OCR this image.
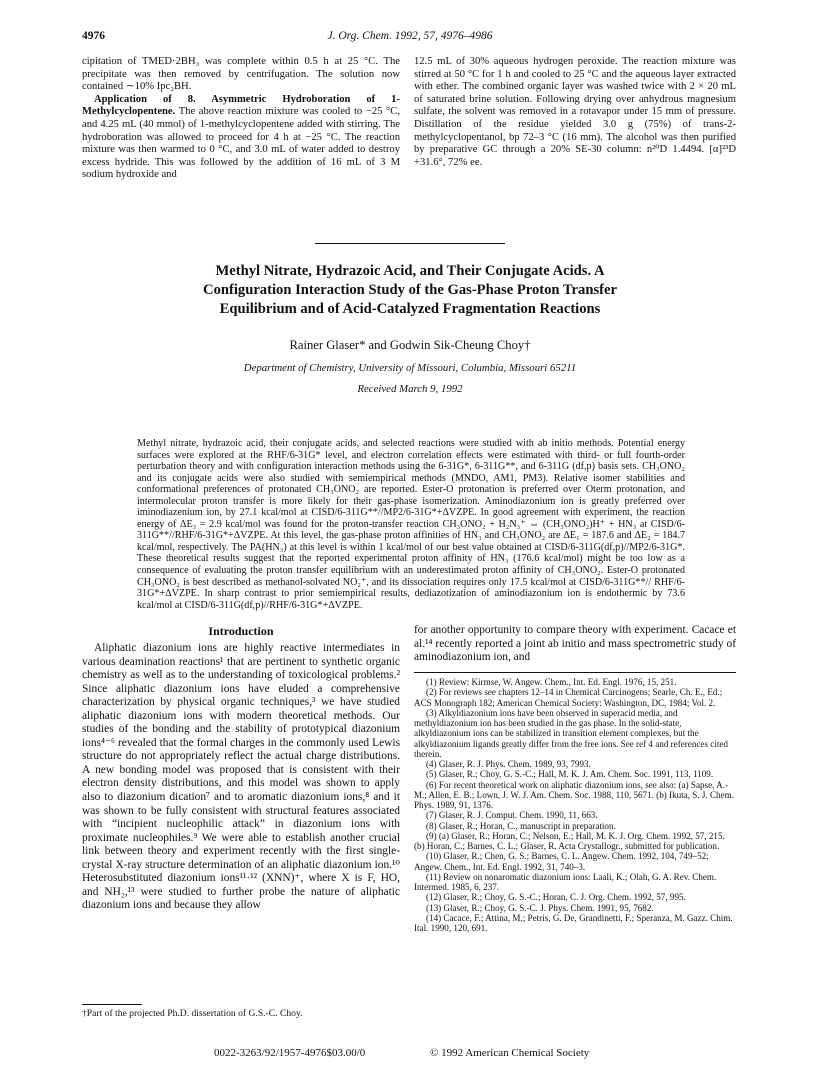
4976	J. Org. Chem. 1992, 57, 4976–4986

cipitation of TMED·2BH₃ was complete within 0.5 h at 25 °C. The precipitate was then removed by centrifugation. The solution now contained ∼10% Ipc₂BH.

Application of 8. Asymmetric Hydroboration of 1-Methylcyclopentene. The above reaction mixture was cooled to −25 °C, and 4.25 mL (40 mmol) of 1-methylcyclopentene added with stirring. The hydroboration was allowed to proceed for 4 h at −25 °C. The reaction mixture was then warmed to 0 °C, and 3.0 mL of water added to destroy excess hydride. This was followed by the addition of 16 mL of 3 M sodium hydroxide and

12.5 mL of 30% aqueous hydrogen peroxide. The reaction mixture was stirred at 50 °C for 1 h and cooled to 25 °C and the aqueous layer extracted with ether. The combined organic layer was washed twice with 2 × 20 mL of saturated brine solution. Following drying over anhydrous magnesium sulfate, the solvent was removed in a rotavapor under 15 mm of pressure. Distillation of the residue yielded 3.0 g (75%) of trans-2-methylcyclopentanol, bp 72–3 °C (16 mm). The alcohol was then purified by preparative GC through a 20% SE-30 column: n²⁰D 1.4494. [α]²³D +31.6°, 72% ee.

Methyl Nitrate, Hydrazoic Acid, and Their Conjugate Acids. A
Configuration Interaction Study of the Gas-Phase Proton Transfer
Equilibrium and of Acid-Catalyzed Fragmentation Reactions
Rainer Glaser* and Godwin Sik-Cheung Choy†
Department of Chemistry, University of Missouri, Columbia, Missouri 65211
Received March 9, 1992
Methyl nitrate, hydrazoic acid, their conjugate acids, and selected reactions were studied with ab initio methods. Potential energy surfaces were explored at the RHF/6-31G* level, and electron correlation effects were estimated with third- or full fourth-order perturbation theory and with configuration interaction methods using the 6-31G*, 6-311G**, and 6-311G (df,p) basis sets. CH₃ONO₂ and its conjugate acids were also studied with semiempirical methods (MNDO, AM1, PM3). Relative isomer stabilities and conformational preferences of protonated CH₃ONO₂ are reported. Ester-O protonation is preferred over Oterm protonation, and intermolecular proton transfer is more likely for their gas-phase isomerization. Aminodiazonium ion is greatly preferred over iminodiazenium ion, by 27.1 kcal/mol at CISD/6-311G**//MP2/6-31G*+ΔVZPE. In good agreement with experiment, the reaction energy of ΔE₃ = 2.9 kcal/mol was found for the proton-transfer reaction CH₃ONO₂ + H₂N₃⁺ ⇔ (CH₃ONO₂)H⁺ + HN₃ at CISD/6-311G**//RHF/6-31G*+ΔVZPE. At this level, the gas-phase proton affinities of HN₃ and CH₃ONO₂ are ΔE₁ = 187.6 and ΔE₂ = 184.7 kcal/mol, respectively. The PA(HN₃) at this level is within 1 kcal/mol of our best value obtained at CISD/6-311G(df,p)//MP2/6-31G*. These theoretical results suggest that the reported experimental proton affinity of HN₃ (176.6 kcal/mol) might be too low as a consequence of evaluating the proton transfer equilibrium with an underestimated proton affinity of CH₃ONO₂. Ester-O protonated CH₃ONO₂ is best described as methanol-solvated NO₂⁺, and its dissociation requires only 17.5 kcal/mol at CISD/6-311G**// RHF/6-31G*+ΔVZPE. In sharp contrast to prior semiempirical results, dediazotization of aminodiazonium ion is endothermic by 73.6 kcal/mol at CISD/6-311G(df,p)//RHF/6-31G*+ΔVZPE.
Introduction
Aliphatic diazonium ions are highly reactive intermediates in various deamination reactions¹ that are pertinent to synthetic organic chemistry as well as to the understanding of toxicological problems.² Since aliphatic diazonium ions have eluded a comprehensive characterization by physical organic techniques,³ we have studied aliphatic diazonium ions with modern theoretical methods. Our studies of the bonding and the stability of prototypical diazonium ions⁴⁻⁶ revealed that the formal charges in the commonly used Lewis structure do not appropriately reflect the actual charge distributions. A new bonding model was proposed that is consistent with their electron density distributions, and this model was shown to apply also to diazonium dication⁷ and to aromatic diazonium ions,⁸ and it was shown to be fully consistent with structural features associated with “incipient nucleophilic attack” in diazonium ions with proximate nucleophiles.⁹ We were able to establish another crucial link between theory and experiment recently with the first single-crystal X-ray structure determination of an aliphatic diazonium ion.¹⁰ Heterosubstituted diazonium ions¹¹·¹² (XNN)⁺, where X is F, HO, and NH₂,¹³ were studied to further probe the nature of aliphatic diazonium ions and because they allow
†Part of the projected Ph.D. dissertation of G.S.-C. Choy.
for another opportunity to compare theory with experiment. Cacace et al.¹⁴ recently reported a joint ab initio and mass spectrometric study of aminodiazonium ion, and

(1) Review: Kirmse, W. Angew. Chem., Int. Ed. Engl. 1976, 15, 251.

(2) For reviews see chapters 12–14 in Chemical Carcinogens; Searle, Ch. E., Ed.; ACS Monograph 182; American Chemical Society: Washington, DC, 1984; Vol. 2.

(3) Alkyldiazonium ions have been observed in superacid media, and methyldiazonium ion has been studied in the gas phase. In the solid-state, alkyldiazonium ions can be stabilized in transition element complexes, but the alkyldiazonium ligands greatly differ from the free ions. See ref 4 and references cited therein.

(4) Glaser, R. J. Phys. Chem. 1989, 93, 7993.

(5) Glaser, R.; Choy, G. S.-C.; Hall, M. K. J. Am. Chem. Soc. 1991, 113, 1109.

(6) For recent theoretical work on aliphatic diazonium ions, see also: (a) Sapse, A.-M.; Allen, E. B.; Lown, J. W. J. Am. Chem. Soc. 1988, 110, 5671. (b) Ikuta, S. J. Chem. Phys. 1989, 91, 1376.

(7) Glaser, R. J. Comput. Chem. 1990, 11, 663.

(8) Glaser, R.; Horan, C., manuscript in preparation.

(9) (a) Glaser, R.; Horan, C.; Nelson, E.; Hall, M. K. J. Org. Chem. 1992, 57, 215. (b) Horan, C.; Barnes, C. L.; Glaser, R. Acta Crystallogr., submitted for publication.

(10) Glaser, R.; Chen, G. S.; Barnes, C. L. Angew. Chem. 1992, 104, 749–52; Angew. Chem., Int. Ed. Engl. 1992, 31, 740–3.

(11) Review on nonaromatic diazonium ions: Laali, K.; Olah, G. A. Rev. Chem. Intermed. 1985, 6, 237.

(12) Glaser, R.; Choy, G. S.-C.; Horan, C. J. Org. Chem. 1992, 57, 995.

(13) Glaser, R.; Choy, G. S.-C. J. Phys. Chem. 1991, 95, 7682.

(14) Cacace, F.; Attina, M.; Petris, G. De, Grandinetti, F.; Speranza, M. Gazz. Chim. Ital. 1990, 120, 691.

0022-3263/92/1957-4976$03.00/0	© 1992 American Chemical Society
